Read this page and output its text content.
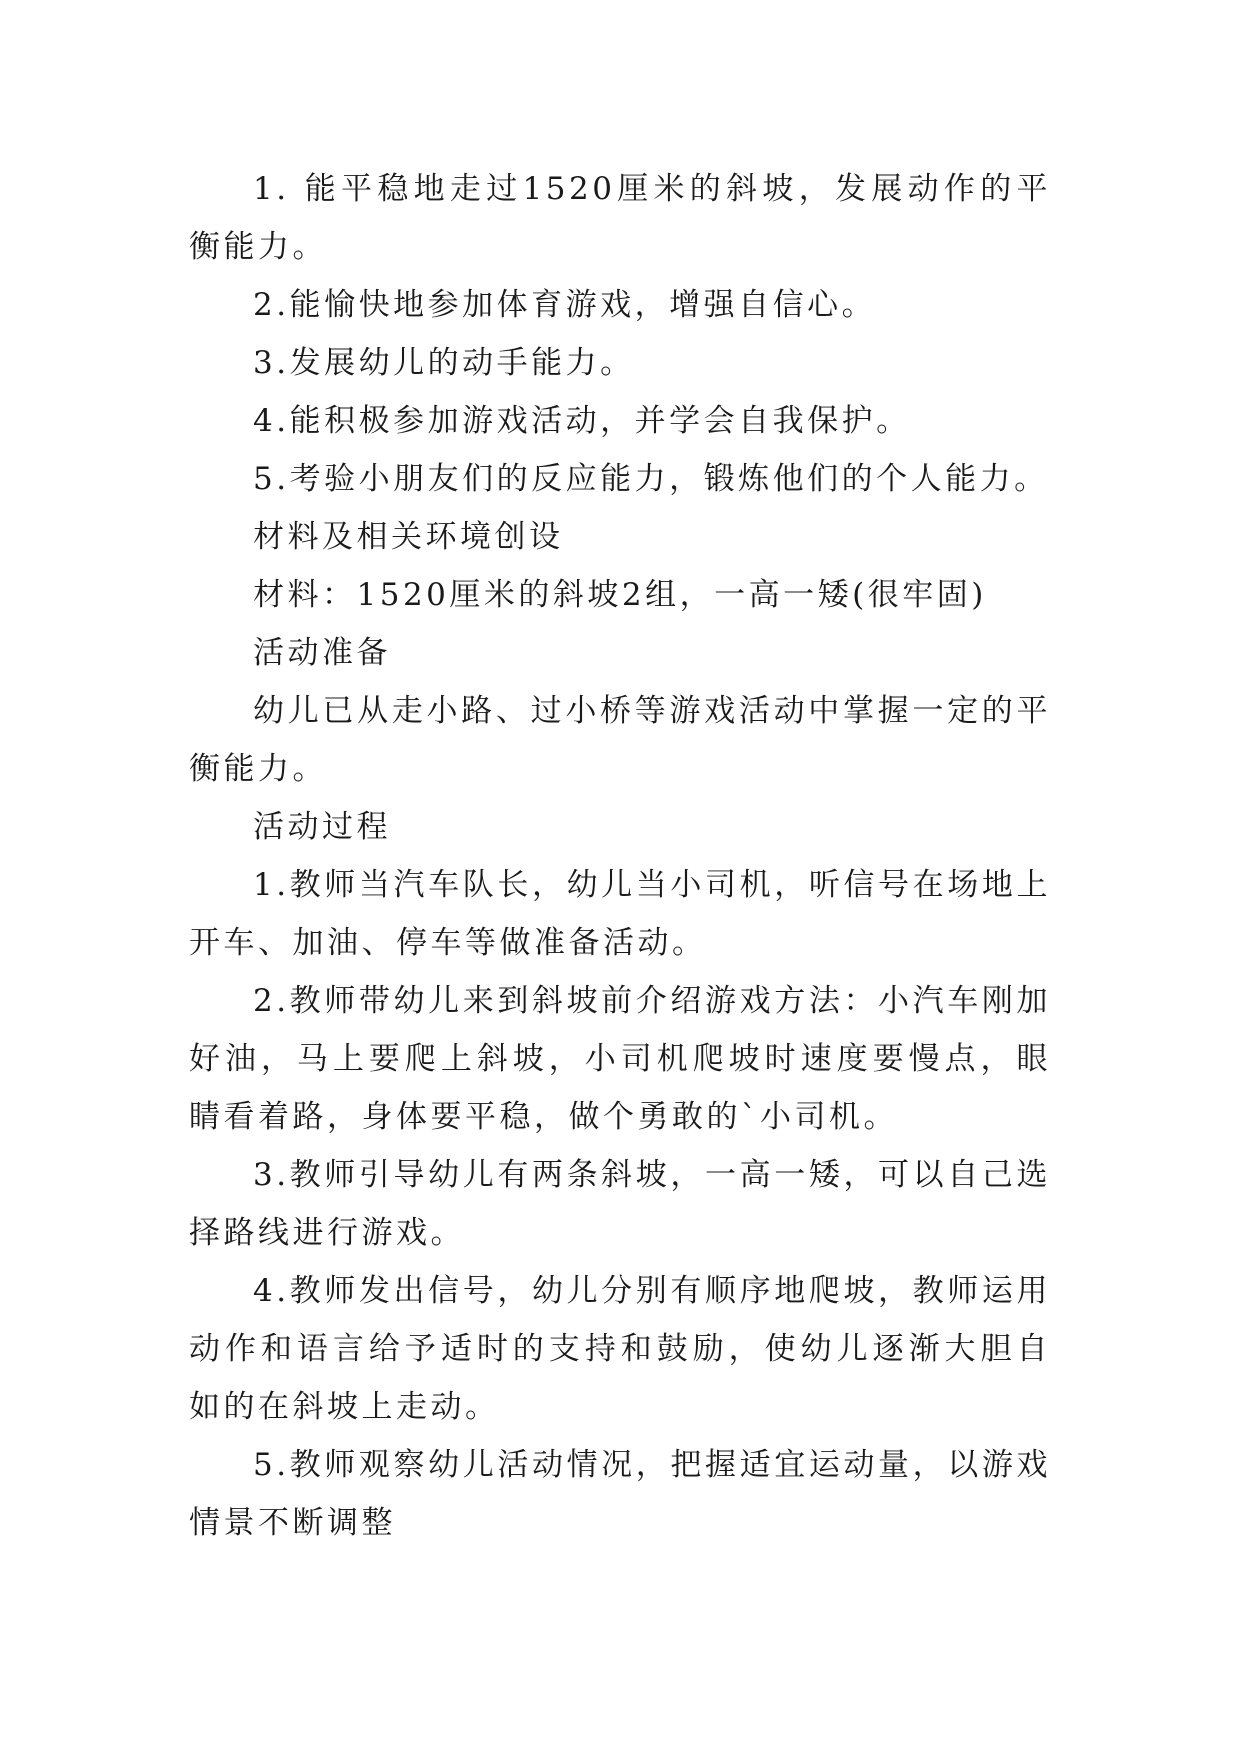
1. 能平稳地走过1520厘米的斜坡，发展动作的平衡能力。

2.能愉快地参加体育游戏，增强自信心。

3.发展幼儿的动手能力。

4.能积极参加游戏活动，并学会自我保护。

5.考验小朋友们的反应能力，锻炼他们的个人能力。

材料及相关环境创设

材料：1520厘米的斜坡2组，一高一矮(很牢固)

活动准备

幼儿已从走小路、过小桥等游戏活动中掌握一定的平衡能力。

活动过程

1.教师当汽车队长，幼儿当小司机，听信号在场地上开车、加油、停车等做准备活动。

2.教师带幼儿来到斜坡前介绍游戏方法：小汽车刚加好油，马上要爬上斜坡，小司机爬坡时速度要慢点，眼睛看着路，身体要平稳，做个勇敢的`小司机。

3.教师引导幼儿有两条斜坡，一高一矮，可以自己选择路线进行游戏。

4.教师发出信号，幼儿分别有顺序地爬坡，教师运用动作和语言给予适时的支持和鼓励，使幼儿逐渐大胆自如的在斜坡上走动。

5.教师观察幼儿活动情况，把握适宜运动量，以游戏情景不断调整
